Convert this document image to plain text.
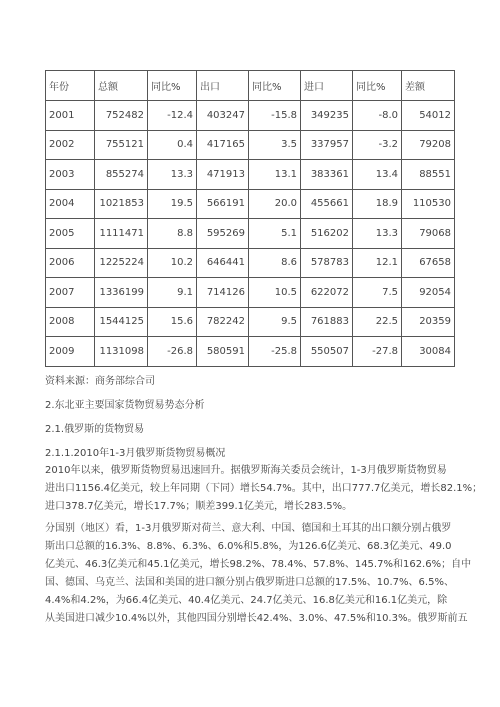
年份	总额	同比%	出口	同比%	进口	同比%	差额
2001	752482	-12.4	403247	-15.8	349235	-8.0	54012
2002	755121	0.4	417165	3.5	337957	-3.2	79208
2003	855274	13.3	471913	13.1	383361	13.4	88551
2004	1021853	19.5	566191	20.0	455661	18.9	110530
2005	1111471	8.8	595269	5.1	516202	13.3	79068
2006	1225224	10.2	646441	8.6	578783	12.1	67658
2007	1336199	9.1	714126	10.5	622072	7.5	92054
2008	1544125	15.6	782242	9.5	761883	22.5	20359
2009	1131098	-26.8	580591	-25.8	550507	-27.8	30084
资料来源：商务部综合司
2.东北亚主要国家货物贸易势态分析
2.1.俄罗斯的货物贸易
2.1.1.2010年1-3月俄罗斯货物贸易概况
2010年以来，俄罗斯货物贸易迅速回升。据俄罗斯海关委员会统计，1-3月俄罗斯货物贸易
进出口1156.4亿美元，较上年同期（下同）增长54.7%。其中，出口777.7亿美元，增长82.1%；
进口378.7亿美元，增长17.7%；顺差399.1亿美元，增长283.5%。
分国别（地区）看，1-3月俄罗斯对荷兰、意大利、中国、德国和土耳其的出口额分别占俄罗
斯出口总额的16.3%、8.8%、6.3%、6.0%和5.8%，为126.6亿美元、68.3亿美元、49.0
亿美元、46.3亿美元和45.1亿美元，增长98.2%、78.4%、57.8%、145.7%和162.6%；自中
国、德国、乌克兰、法国和美国的进口额分别占俄罗斯进口总额的17.5%、10.7%、6.5%、
4.4%和4.2%，为66.4亿美元、40.4亿美元、24.7亿美元、16.8亿美元和16.1亿美元，除
从美国进口减少10.4%以外，其他四国分别增长42.4%、3.0%、47.5%和10.3%。俄罗斯前五
